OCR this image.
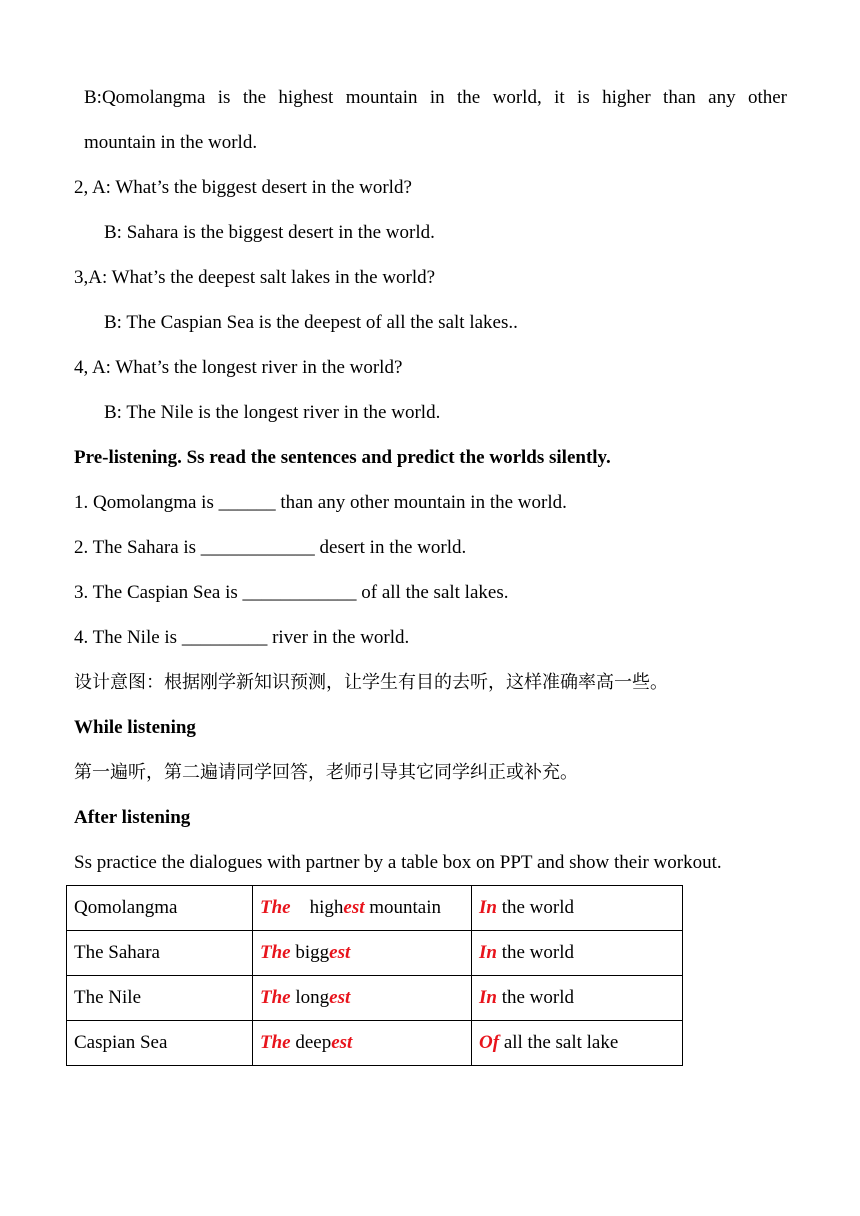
B:Qomolangma is the highest mountain in the world, it is higher than any other
mountain in the world.
2, A: What’s the biggest desert in the world?
B: Sahara is the biggest desert in the world.
3,A: What’s the deepest salt lakes in the world?
B: The Caspian Sea is the deepest of all the salt lakes..
4, A: What’s the longest river in the world?
B: The Nile is the longest river in the world.
Pre-listening. Ss read the sentences and predict the worlds silently.
1. Qomolangma is ______ than any other mountain in the world.
2. The Sahara is ____________ desert in the world.
3. The Caspian Sea is ____________ of all the salt lakes.
4. The Nile is _________ river in the world.
设计意图：根据刚学新知识预测，让学生有目的去听，这样准确率高一些。
While listening
第一遍听，第二遍请同学回答，老师引导其它同学纠正或补充。
After listening
Ss practice the dialogues with partner by a table box on PPT and show their workout.
Qomolangma	The highest mountain	In the world
The Sahara	The biggest	In the world
The Nile	The longest	In the world
Caspian Sea	The deepest	Of all the salt lake
